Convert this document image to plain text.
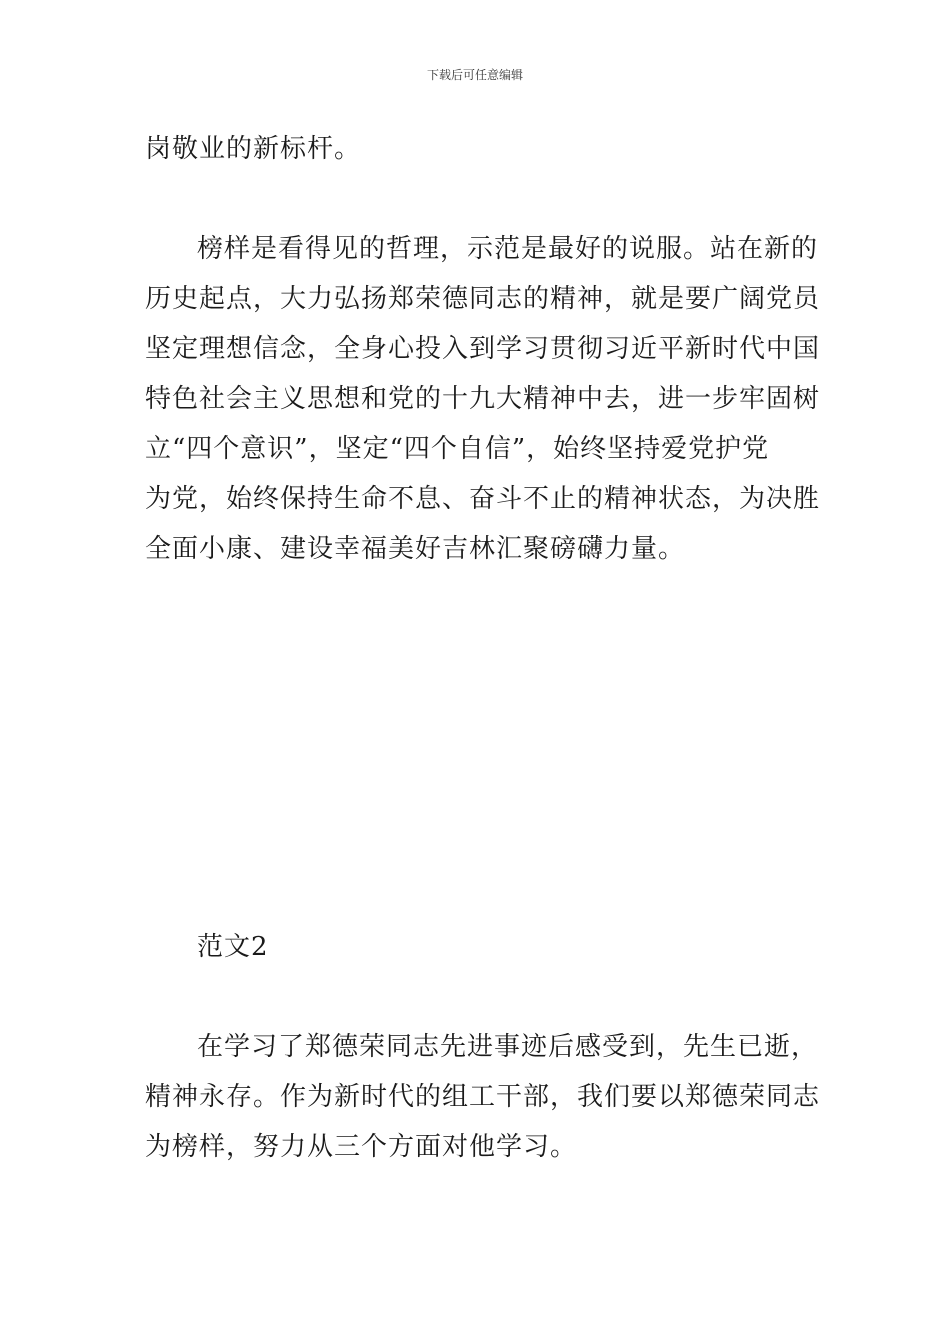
下载后可任意编辑
岗敬业的新标杆。
榜样是看得见的哲理，示范是最好的说服。站在新的
历史起点，大力弘扬郑荣德同志的精神，就是要广阔党员
坚定理想信念，全身心投入到学习贯彻习近平新时代中国
特色社会主义思想和党的十九大精神中去，进一步牢固树
立“四个意识”，坚定“四个自信”，始终坚持爱党护党
为党，始终保持生命不息、奋斗不止的精神状态，为决胜
全面小康、建设幸福美好吉林汇聚磅礴力量。
范文2
在学习了郑德荣同志先进事迹后感受到，先生已逝，
精神永存。作为新时代的组工干部，我们要以郑德荣同志
为榜样，努力从三个方面对他学习。
